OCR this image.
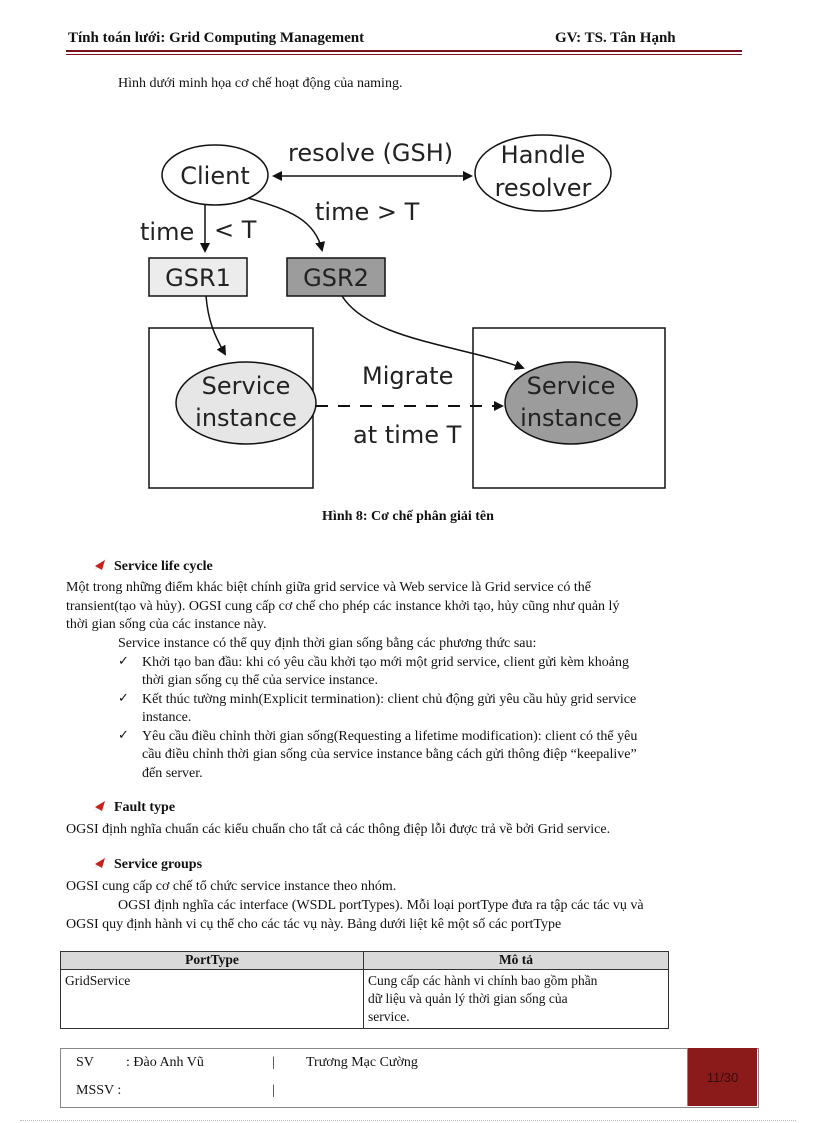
Tính toán lưới: Grid Computing Management	GV: TS. Tân Hạnh
Hình dưới minh họa cơ chế hoạt động của naming.
Client
Handle
resolver
resolve (GSH)
time > T
time < T
GSR1	GSR2
Service
instance
Service
instance
Migrate
at time T
Hình 8: Cơ chế phân giải tên
Service life cycle
Một trong những điểm khác biệt chính giữa grid service và Web service là Grid service có thể
transient(tạo và hủy). OGSI cung cấp cơ chế cho phép các instance khởi tạo, hủy cũng như quản lý
thời gian sống của các instance này.
Service instance có thể quy định thời gian sống bằng các phương thức sau:
✓ Khởi tạo ban đầu: khi có yêu cầu khởi tạo mới một grid service, client gửi kèm khoảng
thời gian sống cụ thể của service instance.
✓ Kết thúc tường minh(Explicit termination): client chủ động gửi yêu cầu hủy grid service
instance.
✓ Yêu cầu điều chỉnh thời gian sống(Requesting a lifetime modification): client có thể yêu
cầu điều chỉnh thời gian sống của service instance bằng cách gửi thông điệp “keepalive”
đến server.
Fault type
OGSI định nghĩa chuẩn các kiểu chuẩn cho tất cả các thông điệp lỗi được trả về bởi Grid service.
Service groups
OGSI cung cấp cơ chế tổ chức service instance theo nhóm.
OGSI định nghĩa các interface (WSDL portTypes). Mỗi loại portType đưa ra tập các tác vụ và
OGSI quy định hành vi cụ thể cho các tác vụ này. Bảng dưới liệt kê một số các portType
PortType	Mô tả
GridService	Cung cấp các hành vi chính bao gồm phần
dữ liệu và quản lý thời gian sống của
service.
SV : Đào Anh Vũ	| Trương Mạc Cường
MSSV :	|
11/30
